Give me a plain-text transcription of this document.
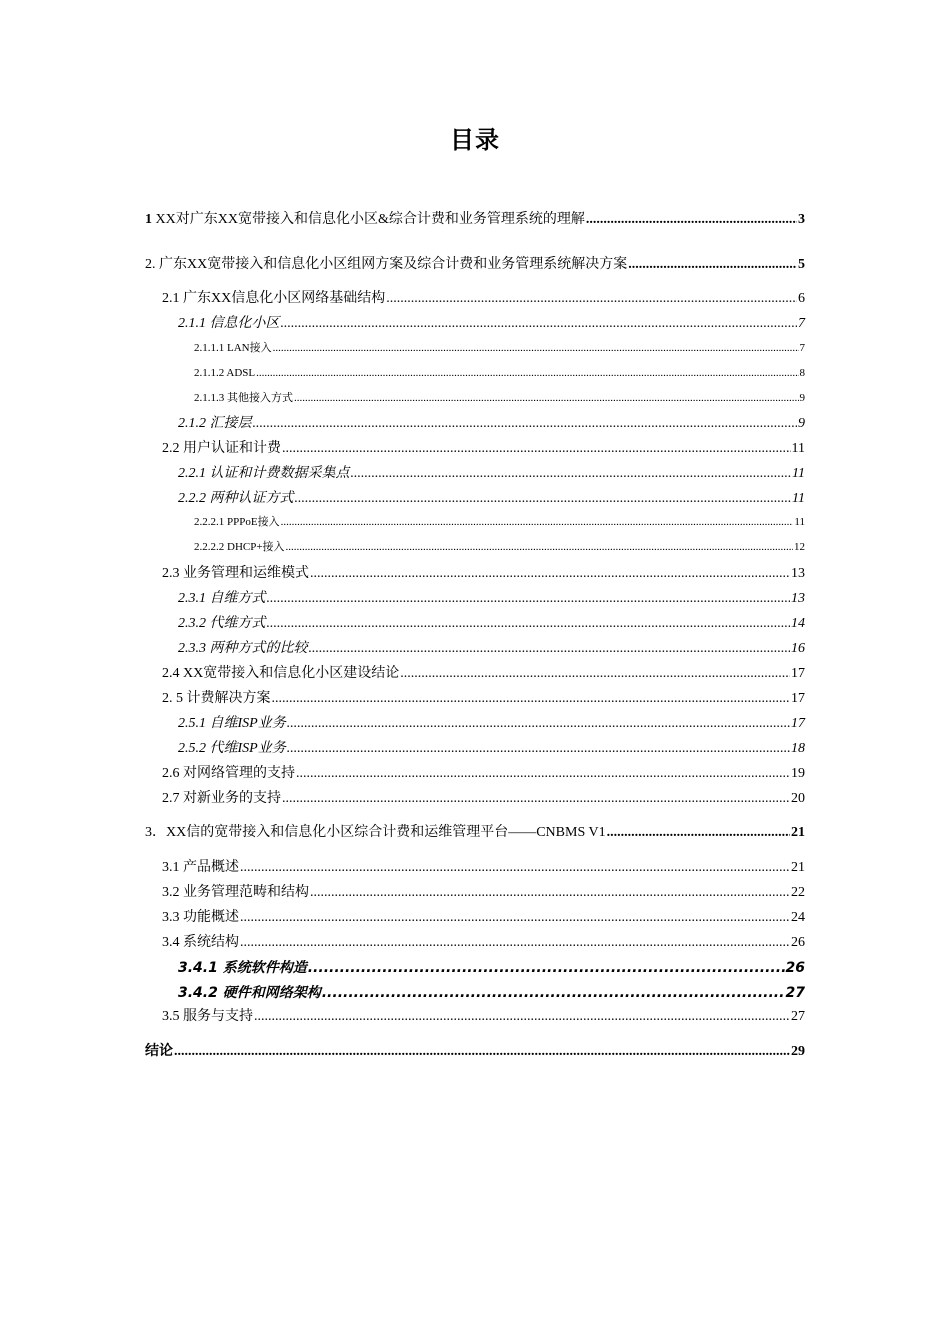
目录
1 XX对广东XX宽带接入和信息化小区&综合计费和业务管理系统的理解 .....	3
2. 广东XX宽带接入和信息化小区组网方案及综合计费和业务管理系统解决方案 .....	5
2.1 广东XX信息化小区网络基础结构 .....	6
2.1.1 信息化小区 .....	7
2.1.1.1 LAN接入 .....	7
2.1.1.2 ADSL .....	8
2.1.1.3 其他接入方式 .....	9
2.1.2 汇接层 .....	9
2.2 用户认证和计费 .....	11
2.2.1 认证和计费数据采集点 .....	11
2.2.2 两种认证方式 .....	11
2.2.2.1 PPPoE接入 .....	11
2.2.2.2 DHCP+接入 .....	12
2.3 业务管理和运维模式 .....	13
2.3.1 自维方式 .....	13
2.3.2 代维方式 .....	14
2.3.3 两种方式的比较 .....	16
2.4 XX宽带接入和信息化小区建设结论 .....	17
2. 5 计费解决方案 .....	17
2.5.1 自维ISP业务 .....	17
2.5.2 代维ISP业务 .....	18
2.6 对网络管理的支持 .....	19
2.7 对新业务的支持 .....	20
3．XX信的宽带接入和信息化小区综合计费和运维管理平台——CNBMS V1 .....	21
3.1 产品概述 .....	21
3.2 业务管理范畴和结构 .....	22
3.3 功能概述 .....	24
3.4 系统结构 .....	26
3.4.1 系统软件构造 .....	26
3.4.2 硬件和网络架构 .....	27
3.5 服务与支持 .....	27
结论 .....	29
